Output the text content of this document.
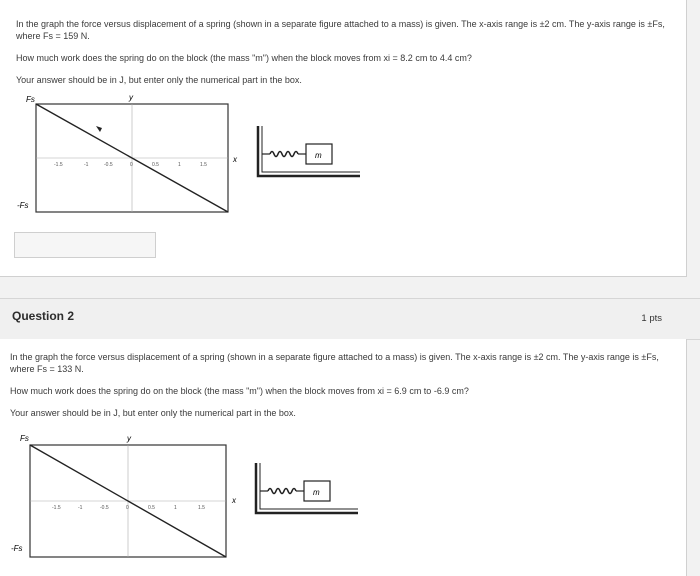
In the graph the force versus displacement of a spring (shown in a separate figure attached to a mass) is given. The x-axis range is ±2 cm. The y-axis range is ±Fs, where Fs = 159 N.

How much work does the spring do on the block (the mass "m") when the block moves from xi = 8.2 cm to 4.4 cm?

Your answer should be in J, but enter only the numerical part in the box.

Fs
-Fs
y
x
-1.5	-1	-0.5	0	0.5	1	1.5
m
Question 2	1 pts

In the graph the force versus displacement of a spring (shown in a separate figure attached to a mass) is given. The x-axis range is ±2 cm. The y-axis range is ±Fs, where Fs = 133 N.

How much work does the spring do on the block (the mass "m") when the block moves from xi = 6.9 cm to -6.9 cm?

Your answer should be in J, but enter only the numerical part in the box.

Fs
-Fs
y
x
-1.5	-1	-0.5	0	0.5	1	1.5
m
